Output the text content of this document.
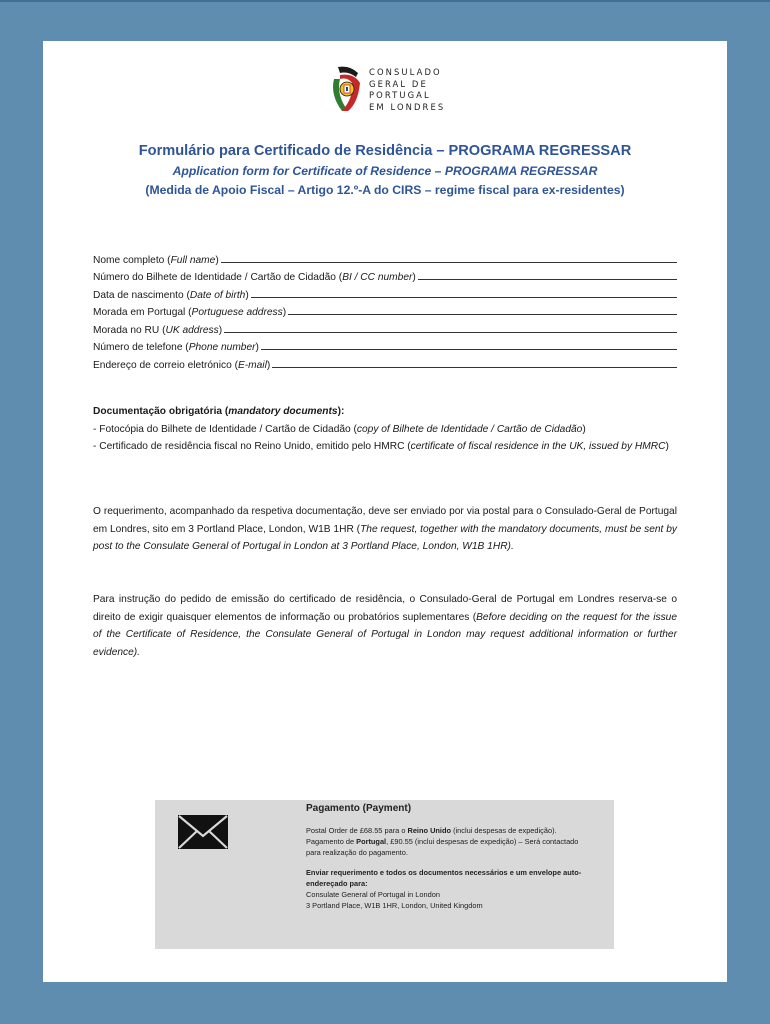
CONSULADO
GERAL DE
PORTUGAL
EM LONDRES
Formulário para Certificado de Residência – PROGRAMA REGRESSAR
Application form for Certificate of Residence – PROGRAMA REGRESSAR
(Medida de Apoio Fiscal – Artigo 12.º-A do CIRS – regime fiscal para ex-residentes)
Nome completo (Full name)
Número do Bilhete de Identidade / Cartão de Cidadão (BI / CC number)
Data de nascimento (Date of birth)
Morada em Portugal (Portuguese address)
Morada no RU (UK address)
Número de telefone (Phone number)
Endereço de correio eletrónico (E-mail)
Documentação obrigatória (mandatory documents):
- Fotocópia do Bilhete de Identidade / Cartão de Cidadão (copy of Bilhete de Identidade / Cartão de Cidadão)
- Certificado de residência fiscal no Reino Unido, emitido pelo HMRC (certificate of fiscal residence in the UK, issued by HMRC)
O requerimento, acompanhado da respetiva documentação, deve ser enviado por via postal para o Consulado-Geral de Portugal em Londres, sito em 3 Portland Place, London, W1B 1HR (The request, together with the mandatory documents, must be sent by post to the Consulate General of Portugal in London at 3 Portland Place, London, W1B 1HR).
Para instrução do pedido de emissão do certificado de residência, o Consulado-Geral de Portugal em Londres reserva-se o direito de exigir quaisquer elementos de informação ou probatórios suplementares (Before deciding on the request for the issue of the Certificate of Residence, the Consulate General of Portugal in London may request additional information or further evidence).
Pagamento (Payment)
Postal Order de £68.55 para o Reino Unido (inclui despesas de expedição).
Pagamento de Portugal, £90.55 (inclui despesas de expedição) – Será contactado para realização do pagamento.
Enviar requerimento e todos os documentos necessários e um envelope auto-endereçado para:
Consulate General of Portugal in London
3 Portland Place, W1B 1HR, London, United Kingdom
